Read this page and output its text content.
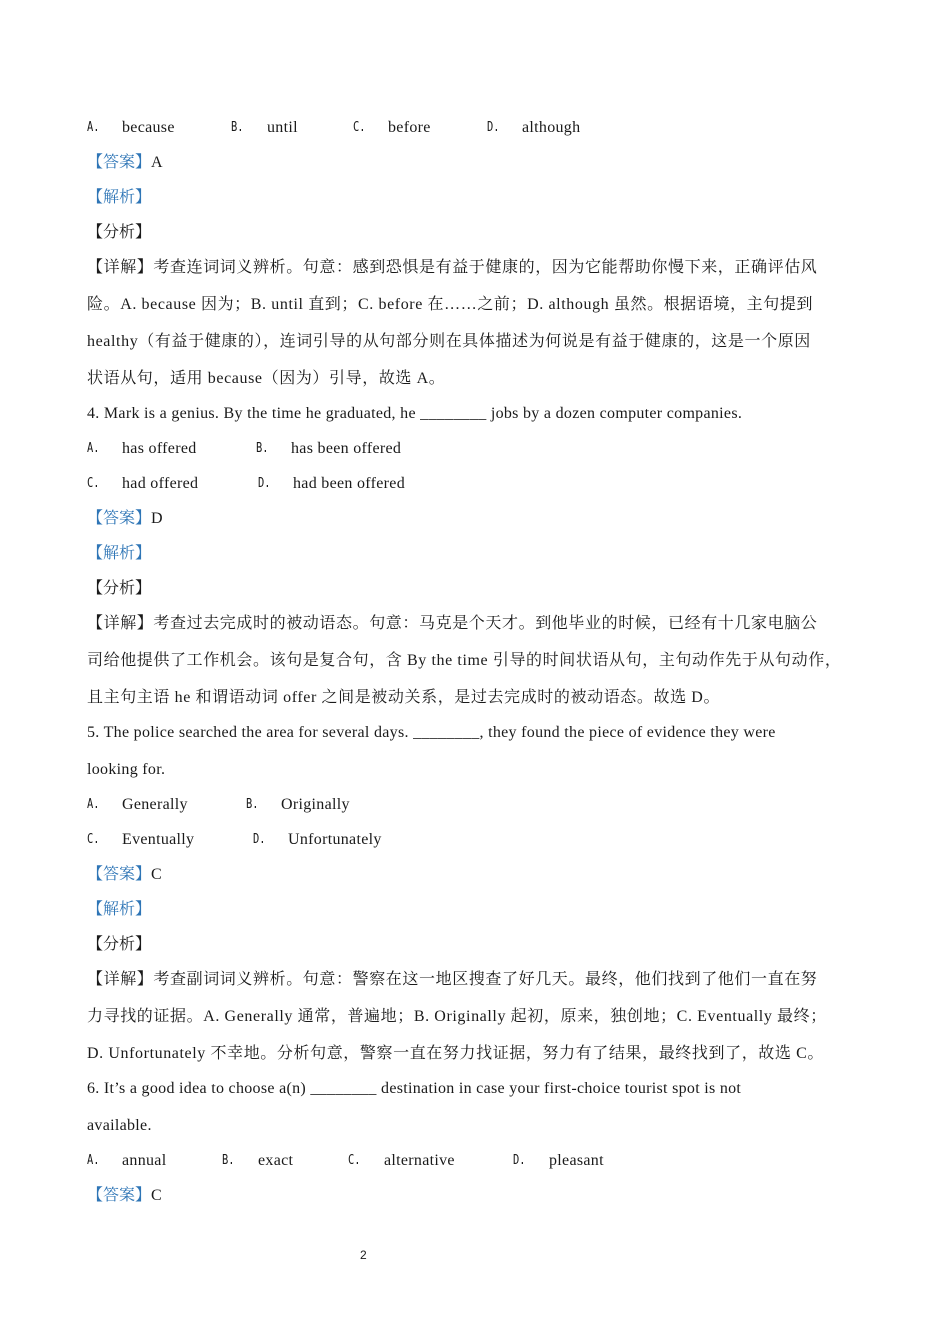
A. because	B. until	C. before	D. although
【答案】A
【解析】
【分析】
【详解】考查连词词义辨析。句意：感到恐惧是有益于健康的，因为它能帮助你慢下来，正确评估风
险。A. because 因为；B. until 直到；C. before 在……之前；D. although 虽然。根据语境，主句提到
healthy（有益于健康的），连词引导的从句部分则在具体描述为何说是有益于健康的，这是一个原因
状语从句，适用 because（因为）引导，故选 A。
4. Mark is a genius. By the time he graduated, he ________ jobs by a dozen computer companies.
A. has offered	B. has been offered
C. had offered	D. had been offered
【答案】D
【解析】
【分析】
【详解】考查过去完成时的被动语态。句意：马克是个天才。到他毕业的时候，已经有十几家电脑公
司给他提供了工作机会。该句是复合句，含 By the time 引导的时间状语从句，主句动作先于从句动作，
且主句主语 he 和谓语动词 offer 之间是被动关系，是过去完成时的被动语态。故选 D。
5. The police searched the area for several days. ________, they found the piece of evidence they were
looking for.
A. Generally	B. Originally
C. Eventually	D. Unfortunately
【答案】C
【解析】
【分析】
【详解】考查副词词义辨析。句意：警察在这一地区搜查了好几天。最终，他们找到了他们一直在努
力寻找的证据。A. Generally 通常，普遍地；B. Originally 起初，原来，独创地；C. Eventually 最终；
D. Unfortunately 不幸地。分析句意，警察一直在努力找证据，努力有了结果，最终找到了，故选 C。
6. It’s a good idea to choose a(n) ________ destination in case your first-choice tourist spot is not
available.
A. annual	B. exact	C. alternative	D. pleasant
【答案】C
2
